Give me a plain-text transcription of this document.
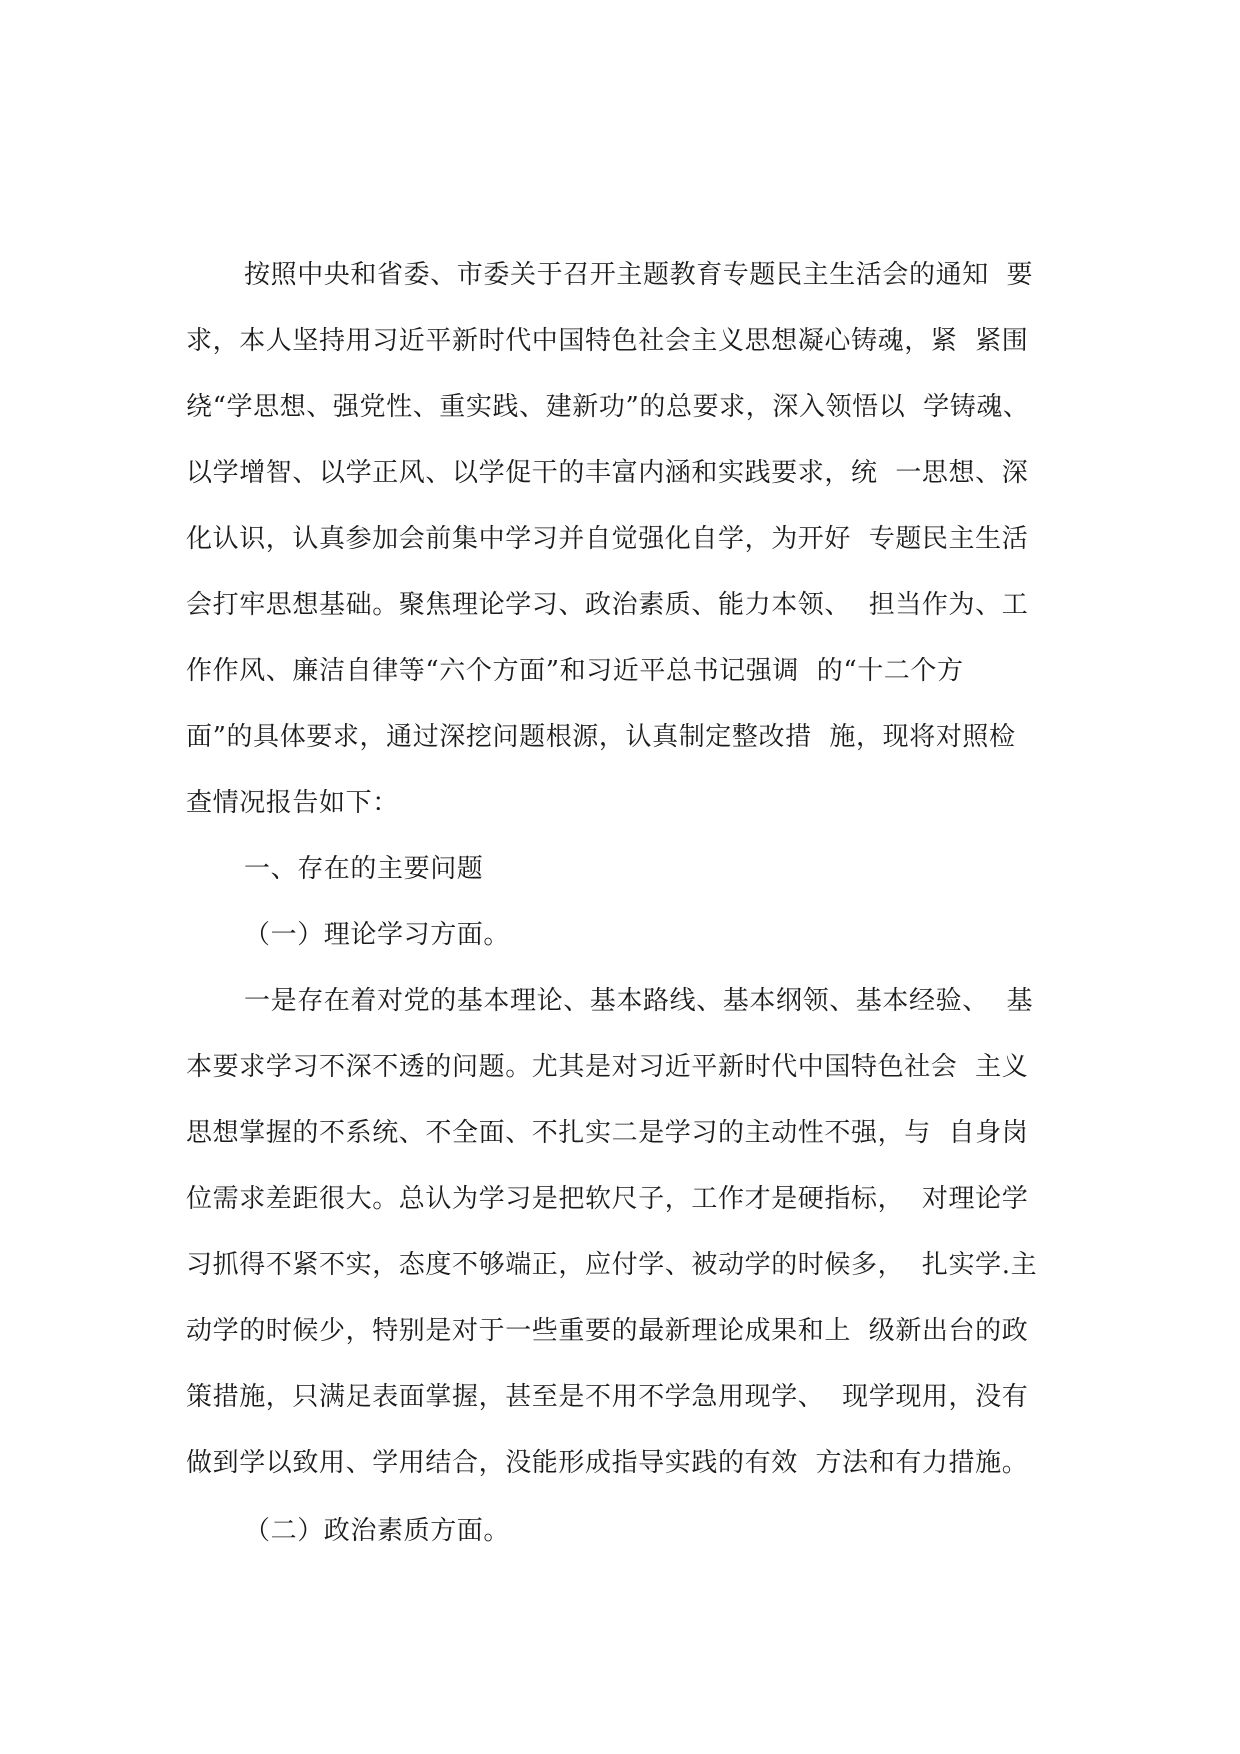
按照中央和省委、市委关于召开主题教育专题民主生活会的通知  要
求，本人坚持用习近平新时代中国特色社会主义思想凝心铸魂，紧  紧围
绕“学思想、强党性、重实践、建新功”的总要求，深入领悟以  学铸魂、
以学增智、以学正风、以学促干的丰富内涵和实践要求，统  一思想、深
化认识，认真参加会前集中学习并自觉强化自学，为开好  专题民主生活
会打牢思想基础。聚焦理论学习、政治素质、能力本领、  担当作为、工
作作风、廉洁自律等“六个方面”和习近平总书记强调  的“十二个方
面”的具体要求，通过深挖问题根源，认真制定整改措  施，现将对照检
查情况报告如下：
一、存在的主要问题
（一）理论学习方面。
一是存在着对党的基本理论、基本路线、基本纲领、基本经验、  基
本要求学习不深不透的问题。尤其是对习近平新时代中国特色社会  主义
思想掌握的不系统、不全面、不扎实二是学习的主动性不强，与  自身岗
位需求差距很大。总认为学习是把软尺子，工作才是硬指标，  对理论学
习抓得不紧不实，态度不够端正，应付学、被动学的时候多，  扎实学.主
动学的时候少，特别是对于一些重要的最新理论成果和上  级新出台的政
策措施，只满足表面掌握，甚至是不用不学急用现学、  现学现用，没有
做到学以致用、学用结合，没能形成指导实践的有效  方法和有力措施。
（二）政治素质方面。
